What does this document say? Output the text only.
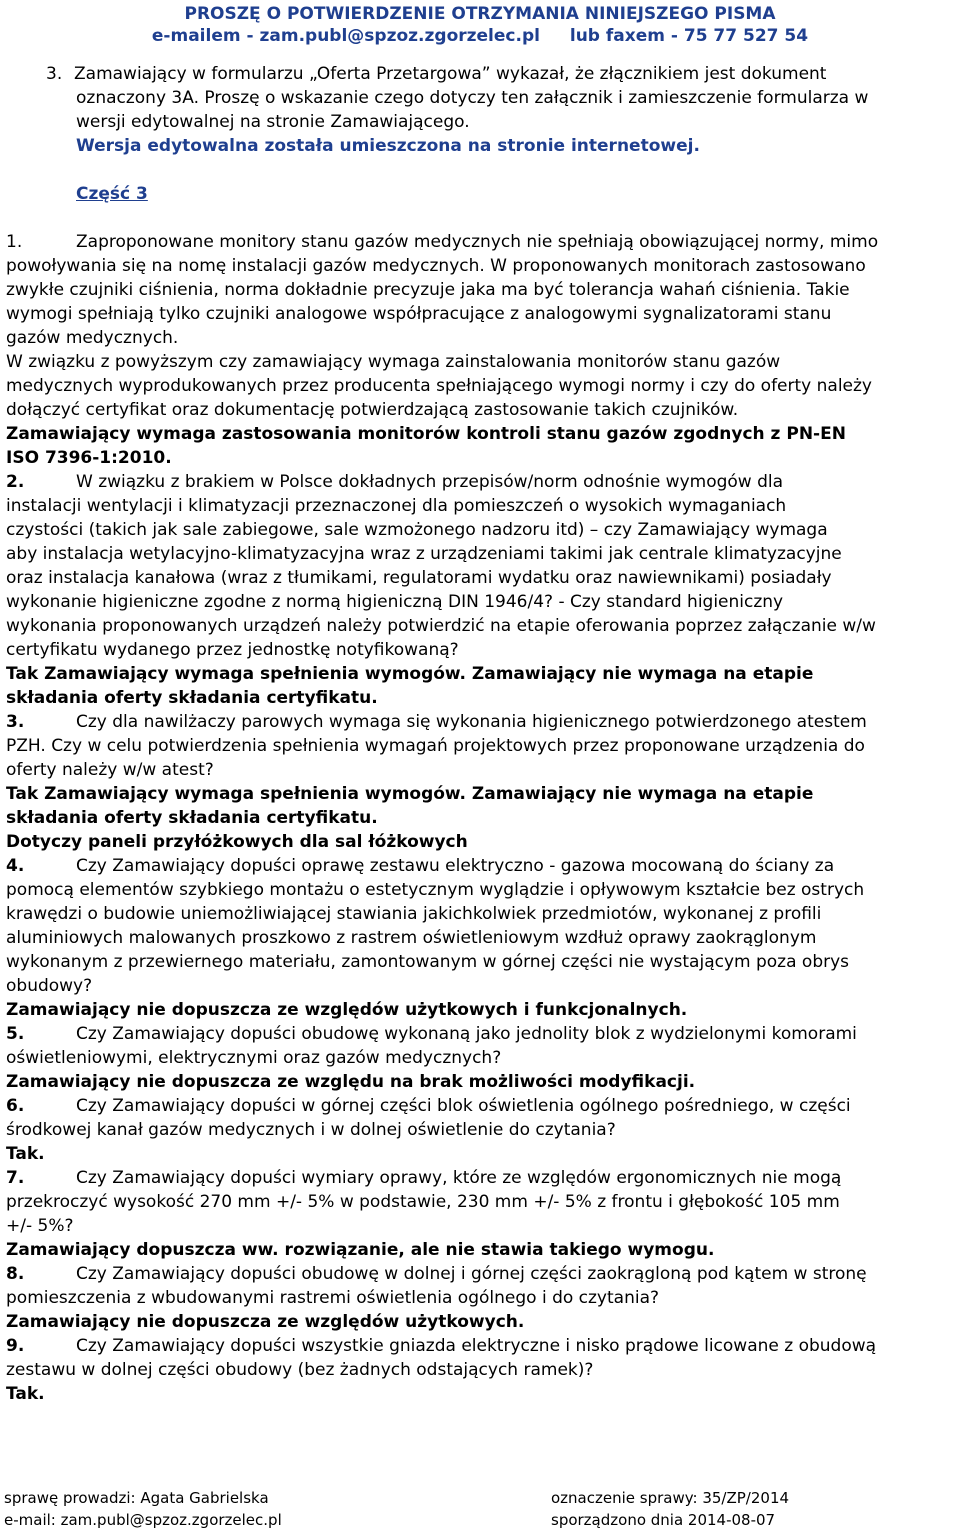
PROSZĘ O POTWIERDZENIE OTRZYMANIA NINIEJSZEGO PISMA
e-mailem - zam.publ@spzoz.zgorzelec.pl lub faxem - 75 77 527 54
3. Zamawiający w formularzu „Oferta Przetargowa” wykazał, że złącznikiem jest dokument
oznaczony 3A. Proszę o wskazanie czego dotyczy ten załącznik i zamieszczenie formularza w
wersji edytowalnej na stronie Zamawiającego.
Wersja edytowalna została umieszczona na stronie internetowej.
Część 3
1.	Zaproponowane monitory stanu gazów medycznych nie spełniają obowiązującej normy, mimo
powoływania się na nomę instalacji gazów medycznych. W proponowanych monitorach zastosowano
zwykłe czujniki ciśnienia, norma dokładnie precyzuje jaka ma być tolerancja wahań ciśnienia. Takie
wymogi spełniają tylko czujniki analogowe współpracujące z analogowymi sygnalizatorami stanu
gazów medycznych.
W związku z powyższym czy zamawiający wymaga zainstalowania monitorów stanu gazów
medycznych wyprodukowanych przez producenta spełniającego wymogi normy i czy do oferty należy
dołączyć certyfikat oraz dokumentację potwierdzającą zastosowanie takich czujników.
Zamawiający wymaga zastosowania monitorów kontroli stanu gazów zgodnych z PN-EN
ISO 7396-1:2010.
2.	W związku z brakiem w Polsce dokładnych przepisów/norm odnośnie wymogów dla
instalacji wentylacji i klimatyzacji przeznaczonej dla pomieszczeń o wysokich wymaganiach
czystości (takich jak sale zabiegowe, sale wzmożonego nadzoru itd) – czy Zamawiający wymaga
aby instalacja wetylacyjno-klimatyzacyjna wraz z urządzeniami takimi jak centrale klimatyzacyjne
oraz instalacja kanałowa (wraz z tłumikami, regulatorami wydatku oraz nawiewnikami) posiadały
wykonanie higieniczne zgodne z normą higieniczną DIN 1946/4? - Czy standard higieniczny
wykonania proponowanych urządzeń należy potwierdzić na etapie oferowania poprzez załączanie w/w
certyfikatu wydanego przez jednostkę notyfikowaną?
Tak Zamawiający wymaga spełnienia wymogów. Zamawiający nie wymaga na etapie
składania oferty składania certyfikatu.
3.	Czy dla nawilżaczy parowych wymaga się wykonania higienicznego potwierdzonego atestem
PZH. Czy w celu potwierdzenia spełnienia wymagań projektowych przez proponowane urządzenia do
oferty należy w/w atest?
Tak Zamawiający wymaga spełnienia wymogów. Zamawiający nie wymaga na etapie
składania oferty składania certyfikatu.
Dotyczy paneli przyłóżkowych dla sal łóżkowych
4.	Czy Zamawiający dopuści oprawę zestawu elektryczno - gazowa mocowaną do ściany za
pomocą elementów szybkiego montażu o estetycznym wyglądzie i opływowym kształcie bez ostrych
krawędzi o budowie uniemożliwiającej stawiania jakichkolwiek przedmiotów, wykonanej z profili
aluminiowych malowanych proszkowo z rastrem oświetleniowym wzdłuż oprawy zaokrąglonym
wykonanym z przewiernego materiału, zamontowanym w górnej części nie wystającym poza obrys
obudowy?
Zamawiający nie dopuszcza ze względów użytkowych i funkcjonalnych.
5.	Czy Zamawiający dopuści obudowę wykonaną jako jednolity blok z wydzielonymi komorami
oświetleniowymi, elektrycznymi oraz gazów medycznych?
Zamawiający nie dopuszcza ze względu na brak możliwości modyfikacji.
6.	Czy Zamawiający dopuści w górnej części blok oświetlenia ogólnego pośredniego, w części
środkowej kanał gazów medycznych i w dolnej oświetlenie do czytania?
Tak.
7.	Czy Zamawiający dopuści wymiary oprawy, które ze względów ergonomicznych nie mogą
przekroczyć wysokość 270 mm +/- 5% w podstawie, 230 mm +/- 5% z frontu i głębokość 105 mm
+/- 5%?
Zamawiający dopuszcza ww. rozwiązanie, ale nie stawia takiego wymogu.
8.	Czy Zamawiający dopuści obudowę w dolnej i górnej części zaokrągloną pod kątem w stronę
pomieszczenia z wbudowanymi rastremi oświetlenia ogólnego i do czytania?
Zamawiający nie dopuszcza ze względów użytkowych.
9.	Czy Zamawiający dopuści wszystkie gniazda elektryczne i nisko prądowe licowane z obudową
zestawu w dolnej części obudowy (bez żadnych odstających ramek)?
Tak.
sprawę prowadzi: Agata Gabrielska
e-mail: zam.publ@spzoz.zgorzelec.pl
oznaczenie sprawy: 35/ZP/2014
sporządzono dnia 2014-08-07
